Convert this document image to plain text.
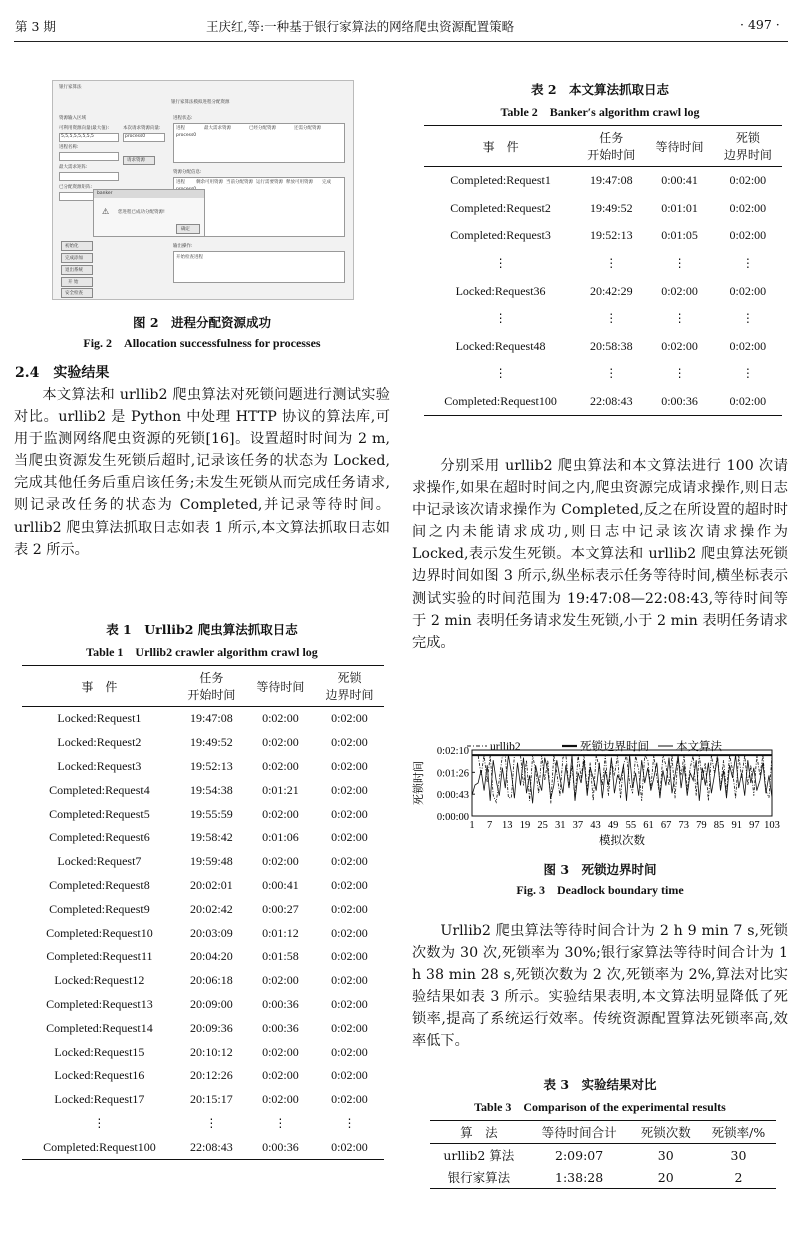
第 3 期	王庆红,等:一种基于银行家算法的网络爬虫资源配置策略	· 497 ·
银行家算法
银行家算法模拟进程分配资源
资源输入区域
可利用资源向量(最大值):
5,5,5,5,5,5,5,5
进程名称:
最大需求矩阵:
已分配资源矩阵:
本次请求资源向量:
process0
请求资源
进程状态:
进程	最大需求资源	已经分配资源	还需分配资源
process0
资源分配信息:
进程 剩余可用资源 当前分配资源 运行需要资源 释放可用资源 完成
输出操作:
开始检查进程
banker
⚠ 您进程已成功分配资源!
确定
初始化
完成添加
退出系统
开 始
安全检查
图 2　进程分配资源成功
Fig. 2　Allocation successfulness for processes
2.4 实验结果

本文算法和 urllib2 爬虫算法对死锁问题进行测试实验对比。urllib2 是 Python 中处理 HTTP 协议的算法库,可用于监测网络爬虫资源的死锁[16]。设置超时时间为 2 m,当爬虫资源发生死锁后超时,记录该任务的状态为 Locked,完成其他任务后重启该任务;未发生死锁从而完成任务请求,则记录改任务的状态为 Completed,并记录等待时间。urllib2 爬虫算法抓取日志如表 1 所示,本文算法抓取日志如表 2 所示。

表 1　Urllib2 爬虫算法抓取日志
Table 1　Urllib2 crawler algorithm crawl log
事　件	任务	等待时间	死锁
	开始时间		边界时间
Locked:Request1	19:47:08	0:02:00	0:02:00
Locked:Request2	19:49:52	0:02:00	0:02:00
Locked:Request3	19:52:13	0:02:00	0:02:00
Completed:Request4	19:54:38	0:01:21	0:02:00
Completed:Request5	19:55:59	0:02:00	0:02:00
Completed:Request6	19:58:42	0:01:06	0:02:00
Locked:Request7	19:59:48	0:02:00	0:02:00
Completed:Request8	20:02:01	0:00:41	0:02:00
Completed:Request9	20:02:42	0:00:27	0:02:00
Completed:Request10	20:03:09	0:01:12	0:02:00
Completed:Request11	20:04:20	0:01:58	0:02:00
Locked:Request12	20:06:18	0:02:00	0:02:00
Completed:Request13	20:09:00	0:00:36	0:02:00
Completed:Request14	20:09:36	0:00:36	0:02:00
Locked:Request15	20:10:12	0:02:00	0:02:00
Locked:Request16	20:12:26	0:02:00	0:02:00
Locked:Request17	20:15:17	0:02:00	0:02:00
⋮	⋮	⋮	⋮
Completed:Request100	22:08:43	0:00:36	0:02:00
表 2　本文算法抓取日志
Table 2　Banker′s algorithm crawl log
事　件	任务	等待时间	死锁
	开始时间		边界时间
Completed:Request1	19:47:08	0:00:41	0:02:00
Completed:Request2	19:49:52	0:01:01	0:02:00
Completed:Request3	19:52:13	0:01:05	0:02:00
⋮	⋮	⋮	⋮
Locked:Request36	20:42:29	0:02:00	0:02:00
⋮	⋮	⋮	⋮
Locked:Request48	20:58:38	0:02:00	0:02:00
⋮	⋮	⋮	⋮
Completed:Request100	22:08:43	0:00:36	0:02:00

分别采用 urllib2 爬虫算法和本文算法进行 100 次请求操作,如果在超时时间之内,爬虫资源完成请求操作,则日志中记录该次请求操作为 Completed,反之在所设置的超时时间之内未能请求成功,则日志中记录该次请求操作为 Locked,表示发生死锁。本文算法和 urllib2 爬虫算法死锁边界时间如图 3 所示,纵坐标表示任务等待时间,横坐标表示测试实验的时间范围为 19:47:08—22:08:43,等待时间等于 2 min 表明任务请求发生死锁,小于 2 min 表明任务请求完成。

urllib2	死锁边界时间 本文算法
死锁时间
模拟次数
0:00:00
0:00:43
0:01:26
0:02:10
1 7 13 19 25 31 37 43 49 55 61 67 73 79 85 91 97 103
图 3　死锁边界时间
Fig. 3　Deadlock boundary time

Urllib2 爬虫算法等待时间合计为 2 h 9 min 7 s,死锁次数为 30 次,死锁率为 30%;银行家算法等待时间合计为 1 h 38 min 28 s,死锁次数为 2 次,死锁率为 2%,算法对比实验结果如表 3 所示。实验结果表明,本文算法明显降低了死锁率,提高了系统运行效率。传统资源配置算法死锁率高,效率低下。

表 3　实验结果对比
Table 3　Comparison of the experimental results
算　法	等待时间合计	死锁次数	死锁率/%
urllib2 算法	2:09:07	30	30
银行家算法	1:38:28	20	2
